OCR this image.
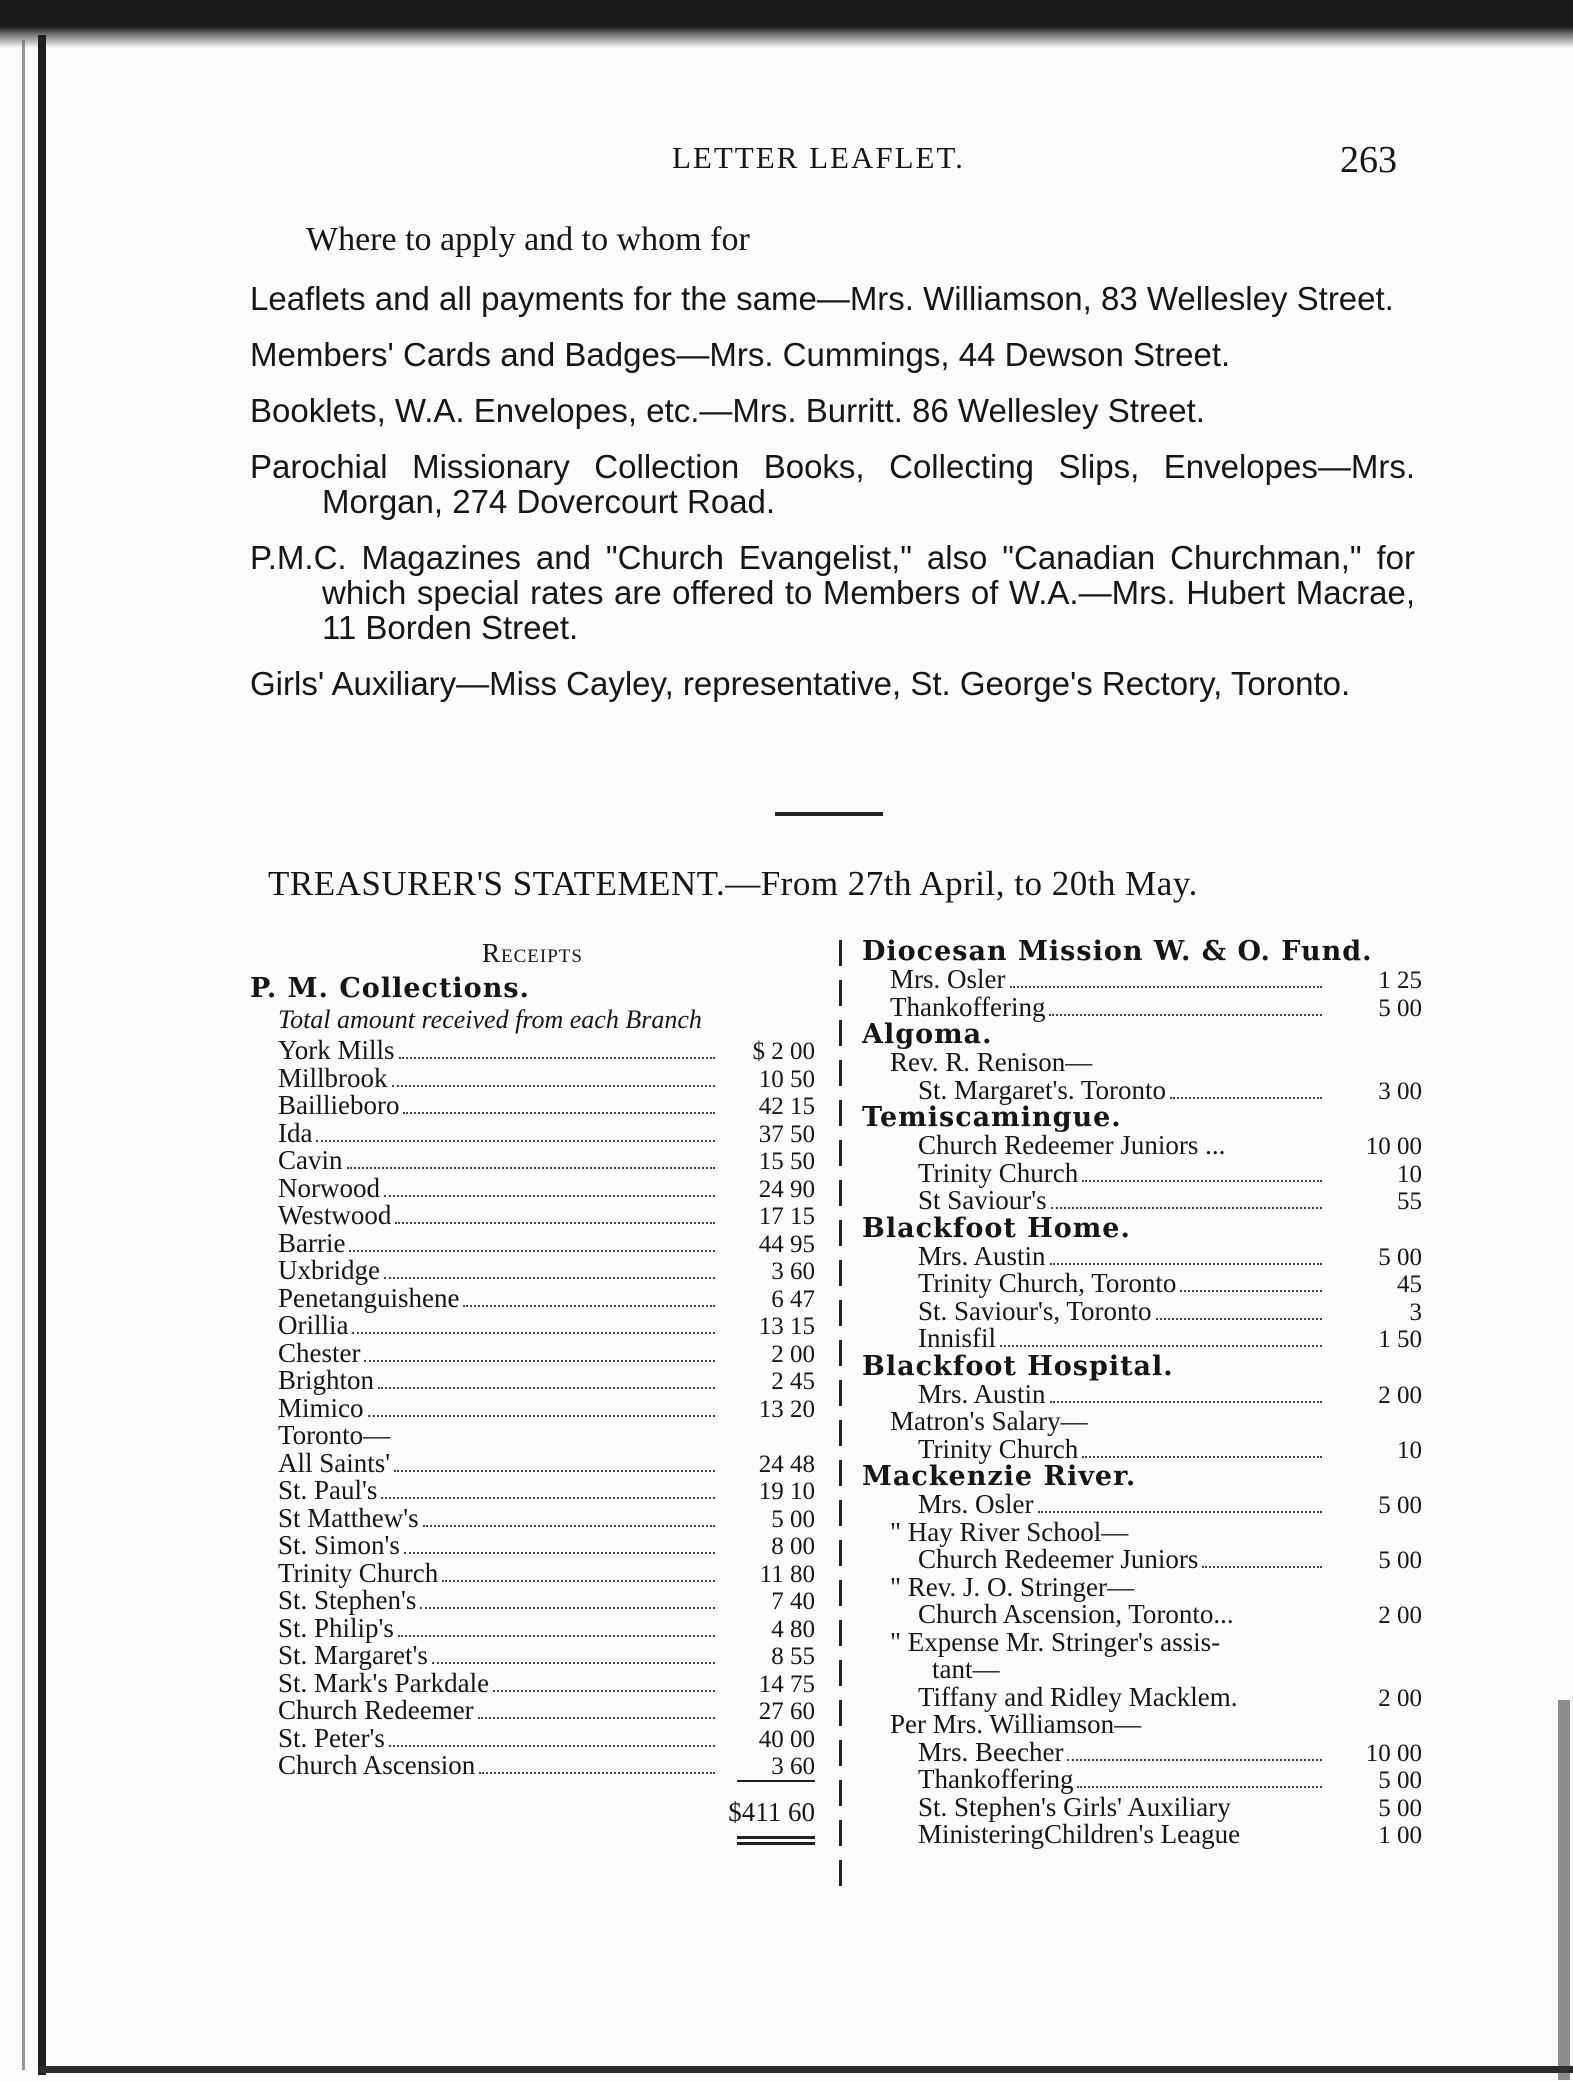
LETTER LEAFLET.	263
Where to apply and to whom for
Leaflets and all payments for the same—Mrs. Williamson, 83 Wellesley Street.
Members' Cards and Badges—Mrs. Cummings, 44 Dewson Street.
Booklets, W.A. Envelopes, etc.—Mrs. Burritt. 86 Wellesley Street.
Parochial Missionary Collection Books, Collecting Slips, Envelopes—Mrs. Morgan, 274 Dovercourt Road.
P.M.C. Magazines and "Church Evangelist," also "Canadian Churchman," for which special rates are offered to Members of W.A.—Mrs. Hubert Macrae, 11 Borden Street.
Girls' Auxiliary—Miss Cayley, representative, St. George's Rectory, Toronto.
TREASURER'S STATEMENT.—From 27th April, to 20th May.
Receipts
P. M. Collections.
Total amount received from each Branch
York Mills	$ 2 00
Millbrook	10 50
Baillieboro	42 15
Ida	37 50
Cavin	15 50
Norwood	24 90
Westwood	17 15
Barrie	44 95
Uxbridge	3 60
Penetanguishene	6 47
Orillia	13 15
Chester	2 00
Brighton	2 45
Mimico	13 20
Toronto—
All Saints'	24 48
St. Paul's	19 10
St Matthew's	5 00
St. Simon's	8 00
Trinity Church	11 80
St. Stephen's	7 40
St. Philip's	4 80
St. Margaret's	8 55
St. Mark's Parkdale	14 75
Church Redeemer	27 60
St. Peter's	40 00
Church Ascension	3 60
$411 60
Diocesan Mission W. & O. Fund.
Mrs. Osler	1 25
Thankoffering	5 00
Algoma.
Rev. R. Renison—
St. Margaret's. Toronto	3 00
Temiscamingue.
Church Redeemer Juniors ...	10 00
Trinity Church	10
St Saviour's	55
Blackfoot Home.
Mrs. Austin	5 00
Trinity Church, Toronto	45
St. Saviour's, Toronto	3
Innisfil	1 50
Blackfoot Hospital.
Mrs. Austin	2 00
Matron's Salary—
Trinity Church	10
Mackenzie River.
Mrs. Osler	5 00
" Hay River School—
Church Redeemer Juniors	5 00
" Rev. J. O. Stringer—
Church Ascension, Toronto...	2 00
" Expense Mr. Stringer's assis-
tant—
Tiffany and Ridley Macklem.	2 00
Per Mrs. Williamson—
Mrs. Beecher	10 00
Thankoffering	5 00
St. Stephen's Girls' Auxiliary	5 00
MinisteringChildren's League	1 00
